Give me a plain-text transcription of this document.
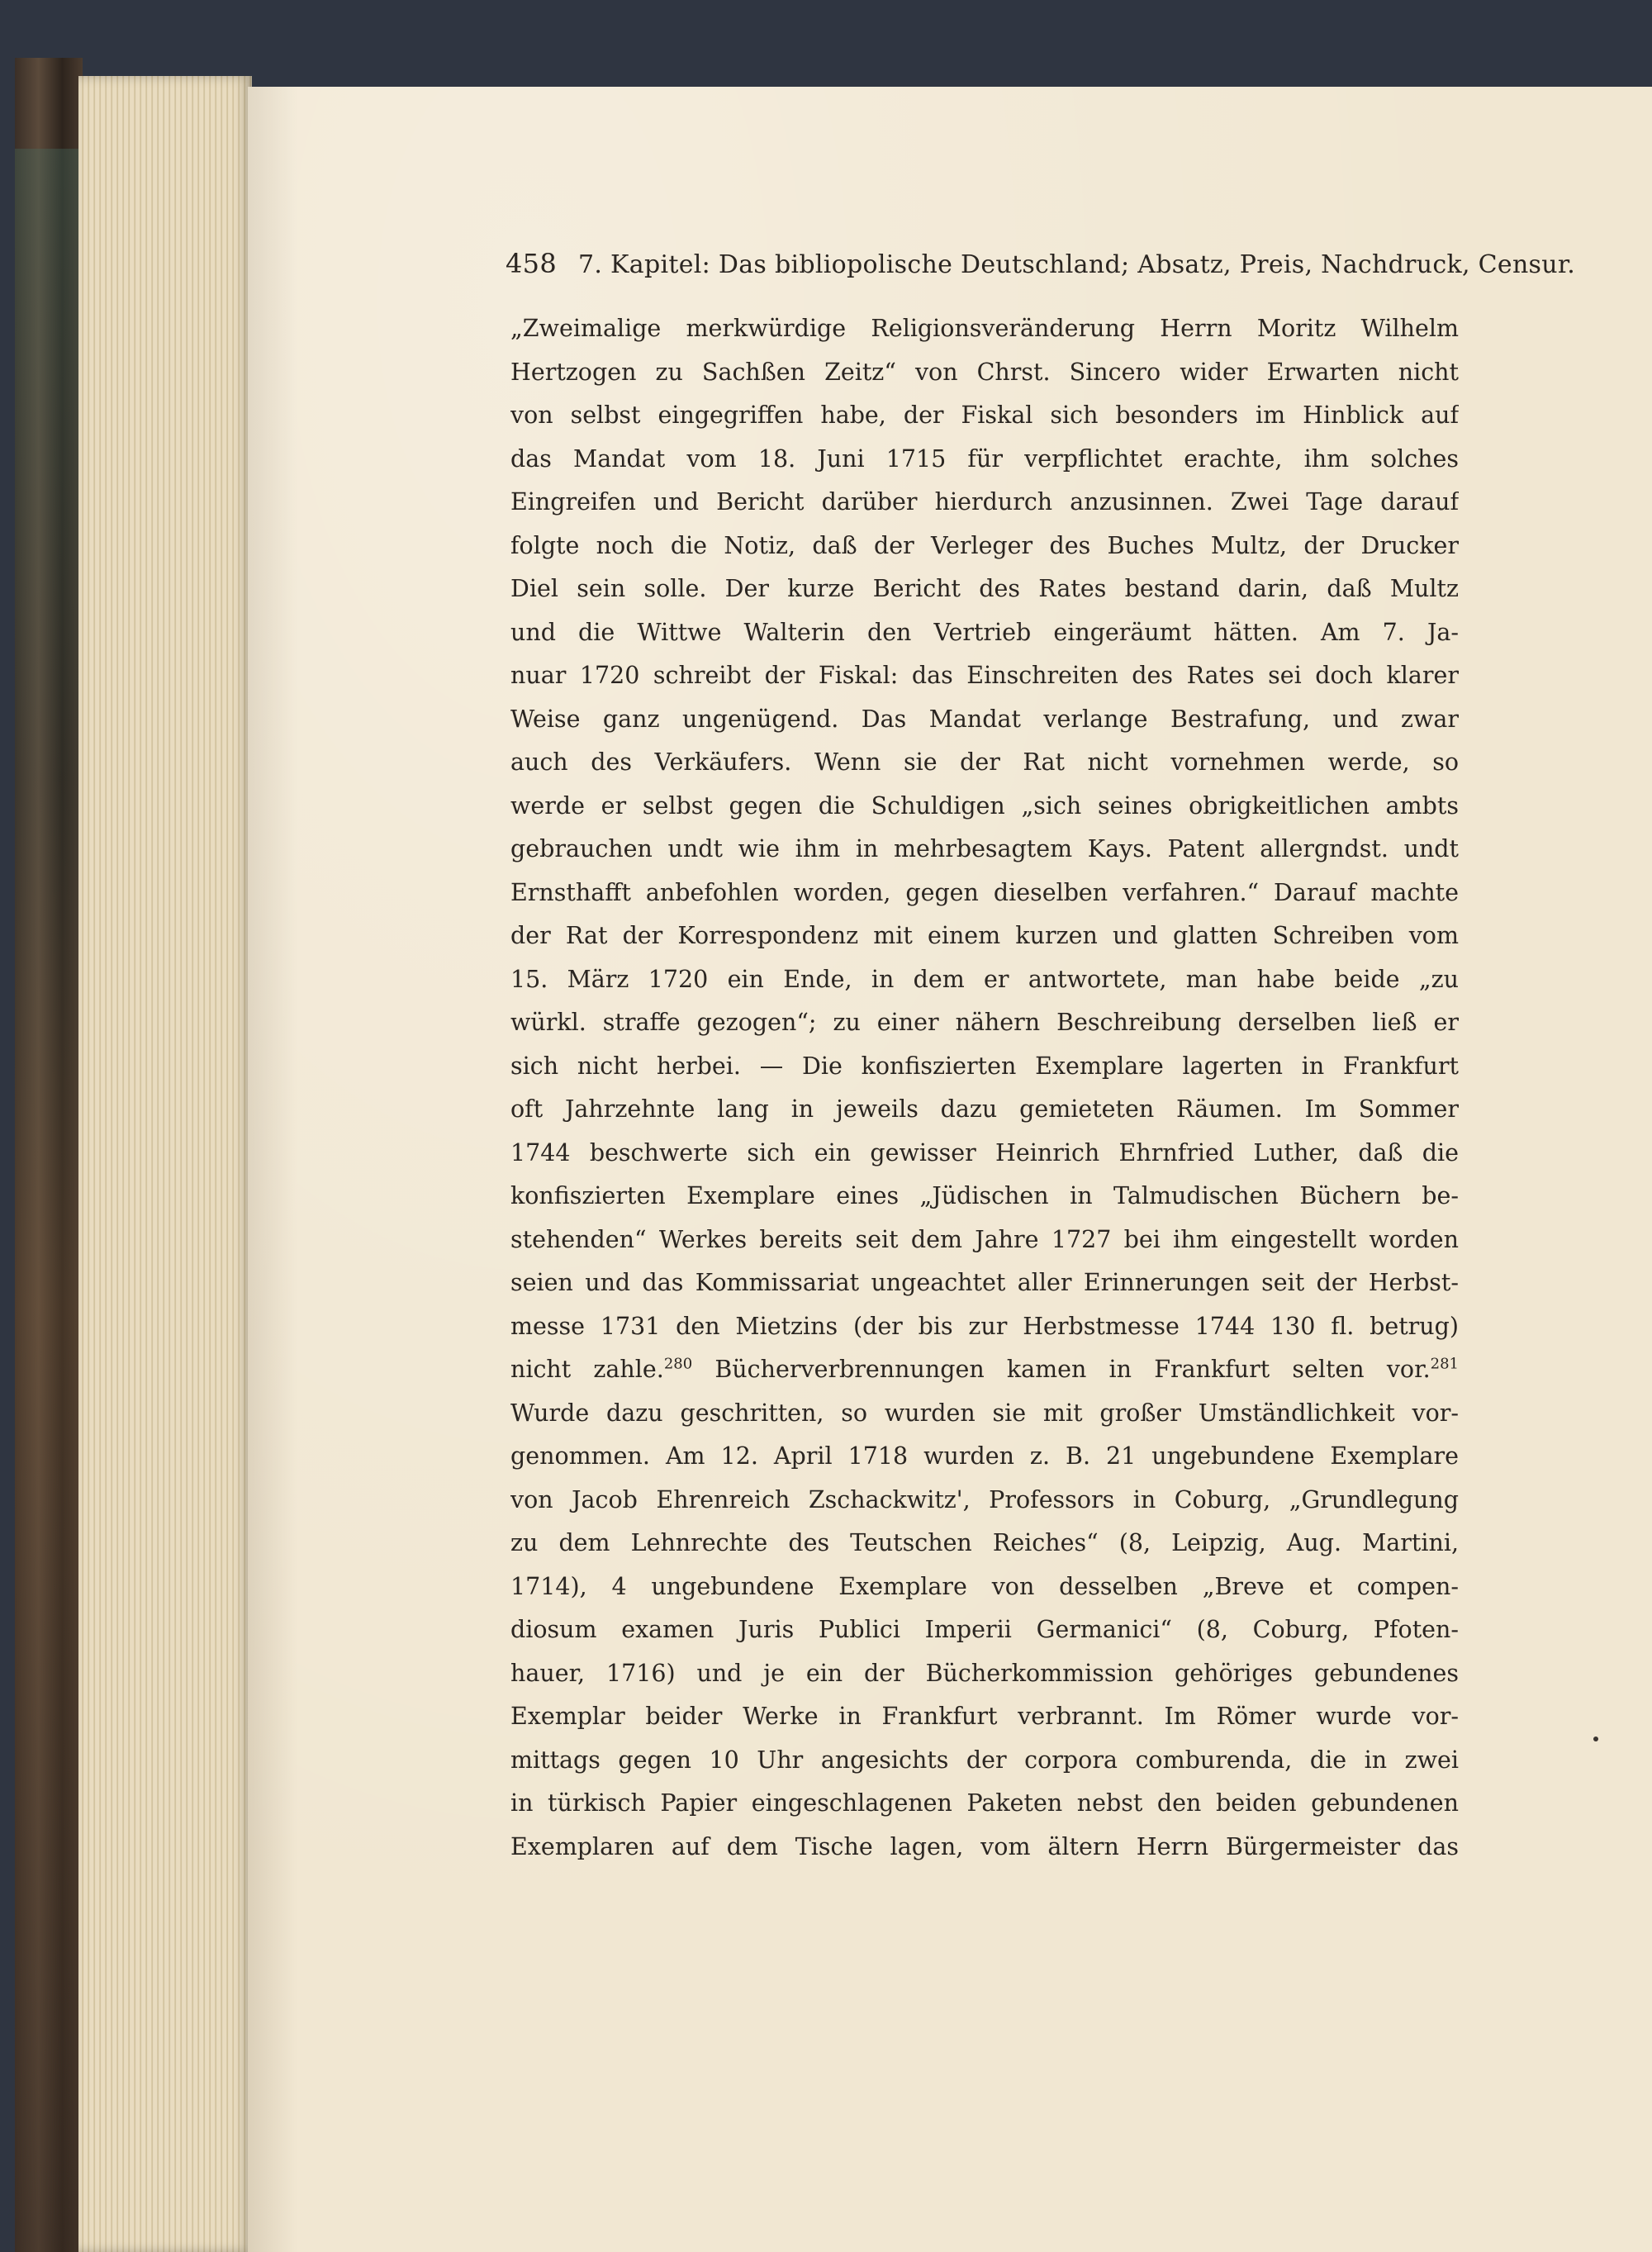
458 7. Kapitel: Das bibliopolische Deutschland; Absatz, Preis, Nachdruck, Censur.
„Zweimalige merkwürdige Religionsveränderung Herrn Moritz Wilhelm
Hertzogen zu Sachßen Zeitz“ von Chrst. Sincero wider Erwarten nicht
von selbst eingegriffen habe, der Fiskal sich besonders im Hinblick auf
das Mandat vom 18. Juni 1715 für verpflichtet erachte, ihm solches
Eingreifen und Bericht darüber hierdurch anzusinnen. Zwei Tage darauf
folgte noch die Notiz, daß der Verleger des Buches Multz, der Drucker
Diel sein solle. Der kurze Bericht des Rates bestand darin, daß Multz
und die Wittwe Walterin den Vertrieb eingeräumt hätten. Am 7. Ja-
nuar 1720 schreibt der Fiskal: das Einschreiten des Rates sei doch klarer
Weise ganz ungenügend. Das Mandat verlange Bestrafung, und zwar
auch des Verkäufers. Wenn sie der Rat nicht vornehmen werde, so
werde er selbst gegen die Schuldigen „sich seines obrigkeitlichen ambts
gebrauchen undt wie ihm in mehrbesagtem Kays. Patent allergndst. undt
Ernsthafft anbefohlen worden, gegen dieselben verfahren.“ Darauf machte
der Rat der Korrespondenz mit einem kurzen und glatten Schreiben vom
15. März 1720 ein Ende, in dem er antwortete, man habe beide „zu
würkl. straffe gezogen“; zu einer nähern Beschreibung derselben ließ er
sich nicht herbei. — Die konfiszierten Exemplare lagerten in Frankfurt
oft Jahrzehnte lang in jeweils dazu gemieteten Räumen. Im Sommer
1744 beschwerte sich ein gewisser Heinrich Ehrnfried Luther, daß die
konfiszierten Exemplare eines „Jüdischen in Talmudischen Büchern be-
stehenden“ Werkes bereits seit dem Jahre 1727 bei ihm eingestellt worden
seien und das Kommissariat ungeachtet aller Erinnerungen seit der Herbst-
messe 1731 den Mietzins (der bis zur Herbstmesse 1744 130 fl. betrug)
nicht zahle.$^{280}$ Bücherverbrennungen kamen in Frankfurt selten vor.$^{281}$
Wurde dazu geschritten, so wurden sie mit großer Umständlichkeit vor-
genommen. Am 12. April 1718 wurden z. B. 21 ungebundene Exemplare
von Jacob Ehrenreich Zschackwitz', Professors in Coburg, „Grundlegung
zu dem Lehnrechte des Teutschen Reiches“ (8, Leipzig, Aug. Martini,
1714), 4 ungebundene Exemplare von desselben „Breve et compen-
diosum examen Juris Publici Imperii Germanici“ (8, Coburg, Pfoten-
hauer, 1716) und je ein der Bücherkommission gehöriges gebundenes
Exemplar beider Werke in Frankfurt verbrannt. Im Römer wurde vor-
mittags gegen 10 Uhr angesichts der corpora comburenda, die in zwei
in türkisch Papier eingeschlagenen Paketen nebst den beiden gebundenen
Exemplaren auf dem Tische lagen, vom ältern Herrn Bürgermeister das
